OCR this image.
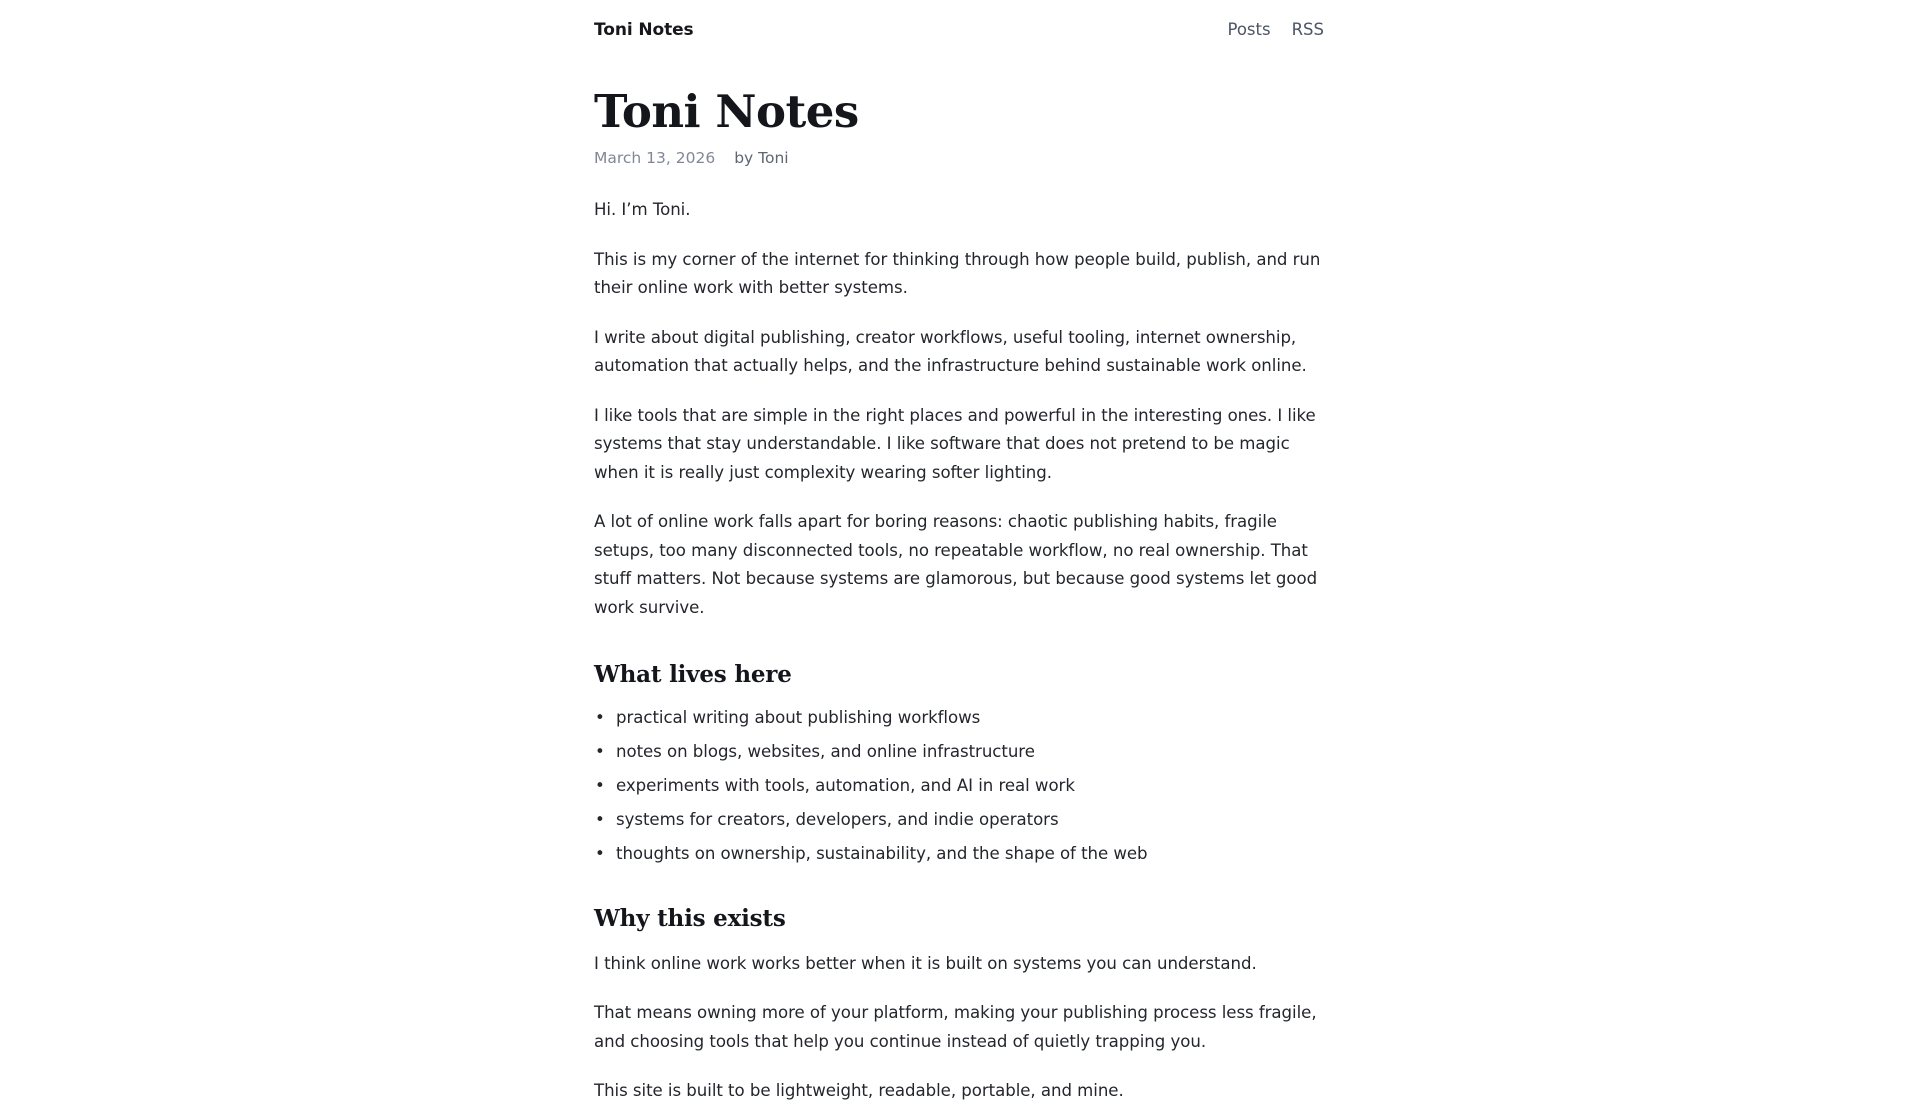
Toni Notes	Posts RSS
Toni Notes
March 13, 2026 by Toni

Hi. I’m Toni.

This is my corner of the internet for thinking through how people build, publish, and run their online work with better systems.

I write about digital publishing, creator workflows, useful tooling, internet ownership, automation that actually helps, and the infrastructure behind sustainable work online.

I like tools that are simple in the right places and powerful in the interesting ones. I like systems that stay understandable. I like software that does not pretend to be magic when it is really just complexity wearing softer lighting.

A lot of online work falls apart for boring reasons: chaotic publishing habits, fragile setups, too many disconnected tools, no repeatable workflow, no real ownership. That stuff matters. Not because systems are glamorous, but because good systems let good work survive.

What lives here
• practical writing about publishing workflows
• notes on blogs, websites, and online infrastructure
• experiments with tools, automation, and AI in real work
• systems for creators, developers, and indie operators
• thoughts on ownership, sustainability, and the shape of the web
Why this exists

I think online work works better when it is built on systems you can understand.

That means owning more of your platform, making your publishing process less fragile, and choosing tools that help you continue instead of quietly trapping you.

This site is built to be lightweight, readable, portable, and mine.
